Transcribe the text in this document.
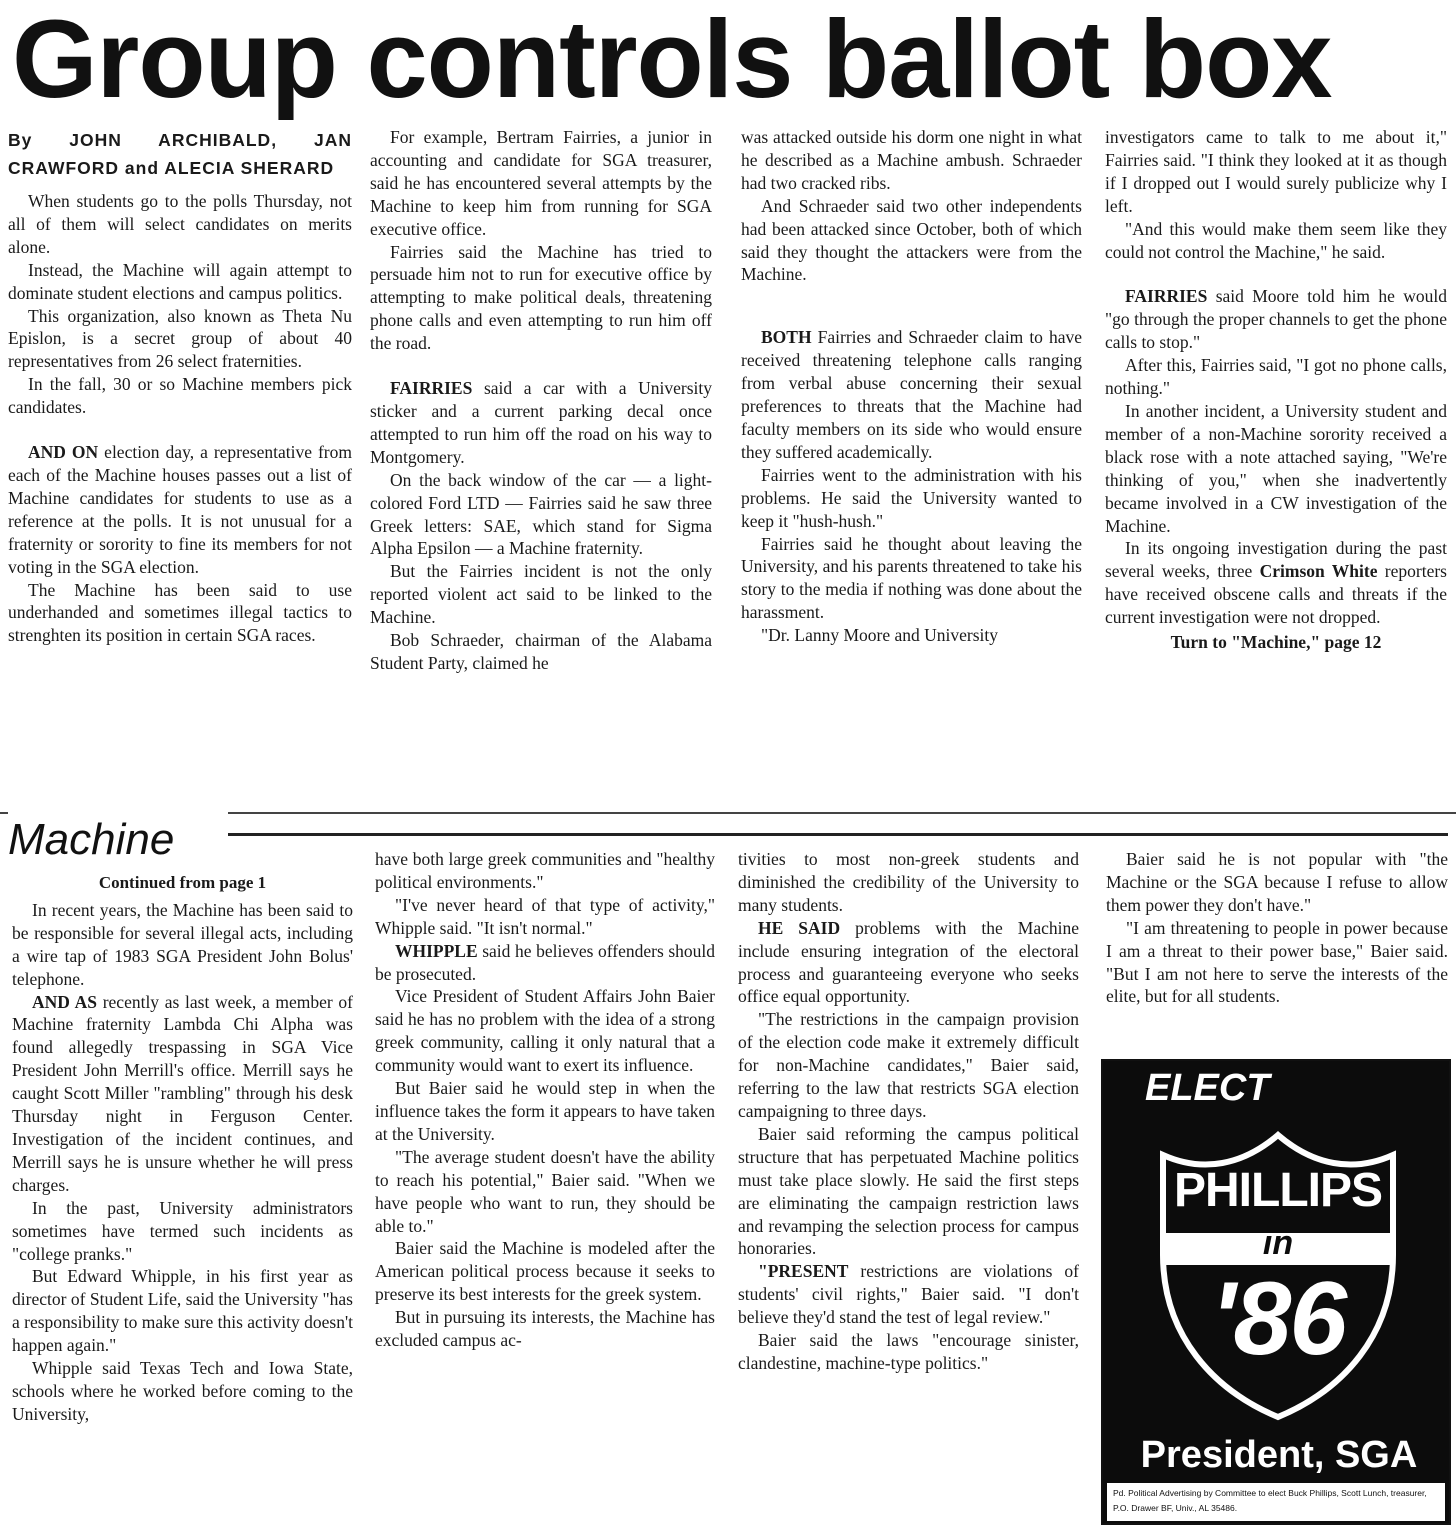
Group controls ballot box
By JOHN ARCHIBALD, JAN CRAWFORD and ALECIA SHERARD

When students go to the polls Thursday, not all of them will select candidates on merits alone.

Instead, the Machine will again attempt to dominate student elections and campus politics.

This organization, also known as Theta Nu Epislon, is a secret group of about 40 representatives from 26 select fraternities.

In the fall, 30 or so Machine members pick candidates.

AND ON election day, a representative from each of the Machine houses passes out a list of Machine candidates for students to use as a reference at the polls. It is not unusual for a fraternity or sorority to fine its members for not voting in the SGA election.

The Machine has been said to use underhanded and sometimes illegal tactics to strenghten its position in certain SGA races.

For example, Bertram Fairries, a junior in accounting and candidate for SGA treasurer, said he has encountered several attempts by the Machine to keep him from running for SGA executive office.

Fairries said the Machine has tried to persuade him not to run for executive office by attempting to make political deals, threatening phone calls and even attempting to run him off the road.

FAIRRIES said a car with a University sticker and a current parking decal once attempted to run him off the road on his way to Montgomery.

On the back window of the car — a light-colored Ford LTD — Fairries said he saw three Greek letters: SAE, which stand for Sigma Alpha Epsilon — a Machine fraternity.

But the Fairries incident is not the only reported violent act said to be linked to the Machine.

Bob Schraeder, chairman of the Alabama Student Party, claimed he

was attacked outside his dorm one night in what he described as a Machine ambush. Schraeder had two cracked ribs.

And Schraeder said two other independents had been attacked since October, both of which said they thought the attackers were from the Machine.

BOTH Fairries and Schraeder claim to have received threatening telephone calls ranging from verbal abuse concerning their sexual preferences to threats that the Machine had faculty members on its side who would ensure they suffered academically.

Fairries went to the administration with his problems. He said the University wanted to keep it "hush-hush."

Fairries said he thought about leaving the University, and his parents threatened to take his story to the media if nothing was done about the harassment.

"Dr. Lanny Moore and University

investigators came to talk to me about it," Fairries said. "I think they looked at it as though if I dropped out I would surely publicize why I left.

"And this would make them seem like they could not control the Machine," he said.

FAIRRIES said Moore told him he would "go through the proper channels to get the phone calls to stop."

After this, Fairries said, "I got no phone calls, nothing."

In another incident, a University student and member of a non-Machine sorority received a black rose with a note attached saying, "We're thinking of you," when she inadvertently became involved in a CW investigation of the Machine.

In its ongoing investigation during the past several weeks, three Crimson White reporters have received obscene calls and threats if the current investigation were not dropped.

Turn to "Machine," page 12

Machine

Continued from page 1

In recent years, the Machine has been said to be responsible for several illegal acts, including a wire tap of 1983 SGA President John Bolus' telephone.

AND AS recently as last week, a member of Machine fraternity Lambda Chi Alpha was found allegedly trespassing in SGA Vice President John Merrill's office. Merrill says he caught Scott Miller "rambling" through his desk Thursday night in Ferguson Center. Investigation of the incident continues, and Merrill says he is unsure whether he will press charges.

In the past, University administrators sometimes have termed such incidents as "college pranks."

But Edward Whipple, in his first year as director of Student Life, said the University "has a responsibility to make sure this activity doesn't happen again."

Whipple said Texas Tech and Iowa State, schools where he worked before coming to the University,

have both large greek communities and "healthy political environments."

"I've never heard of that type of activity," Whipple said. "It isn't normal."

WHIPPLE said he believes offenders should be prosecuted.

Vice President of Student Affairs John Baier said he has no problem with the idea of a strong greek community, calling it only natural that a community would want to exert its influence.

But Baier said he would step in when the influence takes the form it appears to have taken at the University.

"The average student doesn't have the ability to reach his potential," Baier said. "When we have people who want to run, they should be able to."

Baier said the Machine is modeled after the American political process because it seeks to preserve its best interests for the greek system.

But in pursuing its interests, the Machine has excluded campus ac-

tivities to most non-greek students and diminished the credibility of the University to many students.

HE SAID problems with the Machine include ensuring integration of the electoral process and guaranteeing everyone who seeks office equal opportunity.

"The restrictions in the campaign provision of the election code make it extremely difficult for non-Machine candidates," Baier said, referring to the law that restricts SGA election campaigning to three days.

Baier said reforming the campus political structure that has perpetuated Machine politics must take place slowly. He said the first steps are eliminating the campaign restriction laws and revamping the selection process for campus honoraries.

"PRESENT restrictions are violations of students' civil rights," Baier said. "I don't believe they'd stand the test of legal review."

Baier said the laws "encourage sinister, clandestine, machine-type politics."

Baier said he is not popular with "the Machine or the SGA because I refuse to allow them power they don't have."

"I am threatening to people in power because I am a threat to their power base," Baier said. "But I am not here to serve the interests of the elite, but for all students.

ELECT
PHILLIPS
in
'86
President, SGA
Pd. Political Advertising by Committee to elect Buck Phillips, Scott Lunch, treasurer, P.O. Drawer BF, Univ., AL 35486.
